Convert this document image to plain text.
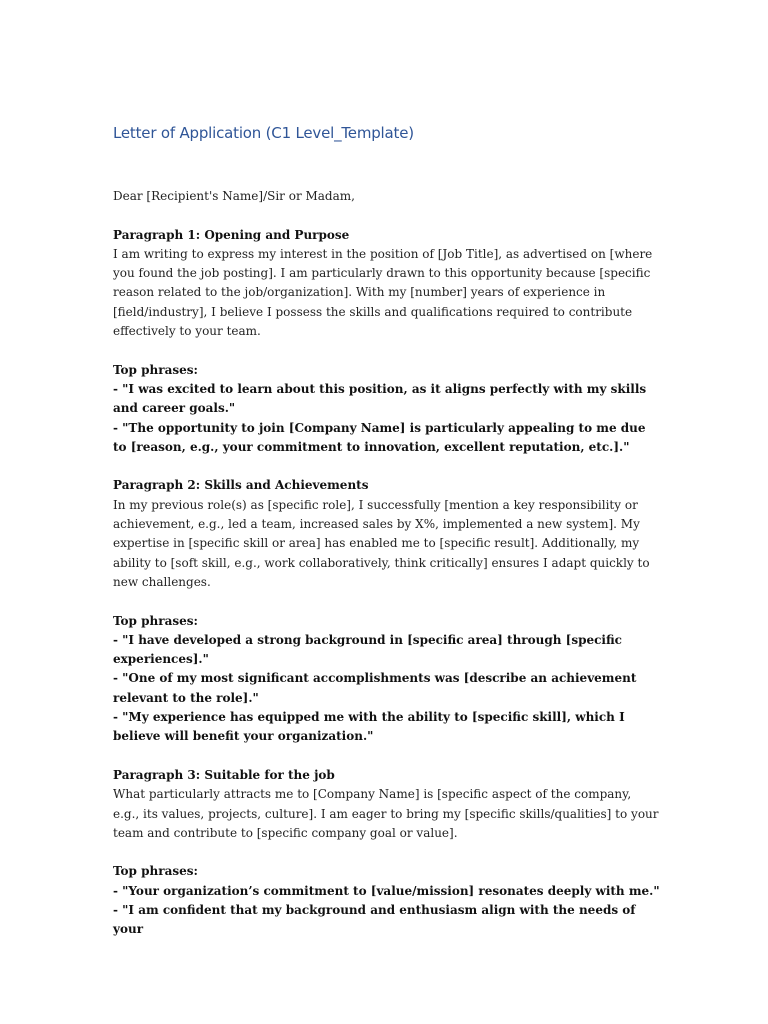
Letter of Application (C1 Level_Template)

Dear [Recipient's Name]/Sir or Madam,

Paragraph 1: Opening and Purpose

I am writing to express my interest in the position of [Job Title], as advertised on [where you found the job posting]. I am particularly drawn to this opportunity because [specific reason related to the job/organization]. With my [number] years of experience in [field/industry], I believe I possess the skills and qualifications required to contribute effectively to your team.

Top phrases:

- "I was excited to learn about this position, as it aligns perfectly with my skills and career goals."

- "The opportunity to join [Company Name] is particularly appealing to me due to [reason, e.g., your commitment to innovation, excellent reputation, etc.]."

Paragraph 2: Skills and Achievements

In my previous role(s) as [specific role], I successfully [mention a key responsibility or achievement, e.g., led a team, increased sales by X%, implemented a new system]. My expertise in [specific skill or area] has enabled me to [specific result]. Additionally, my ability to [soft skill, e.g., work collaboratively, think critically] ensures I adapt quickly to new challenges.

Top phrases:

- "I have developed a strong background in [specific area] through [specific experiences]."

- "One of my most significant accomplishments was [describe an achievement relevant to the role]."

- "My experience has equipped me with the ability to [specific skill], which I believe will benefit your organization."

Paragraph 3: Suitable for the job

What particularly attracts me to [Company Name] is [specific aspect of the company, e.g., its values, projects, culture]. I am eager to bring my [specific skills/qualities] to your team and contribute to [specific company goal or value].

Top phrases:

- "Your organization’s commitment to [value/mission] resonates deeply with me."

- "I am confident that my background and enthusiasm align with the needs of your
